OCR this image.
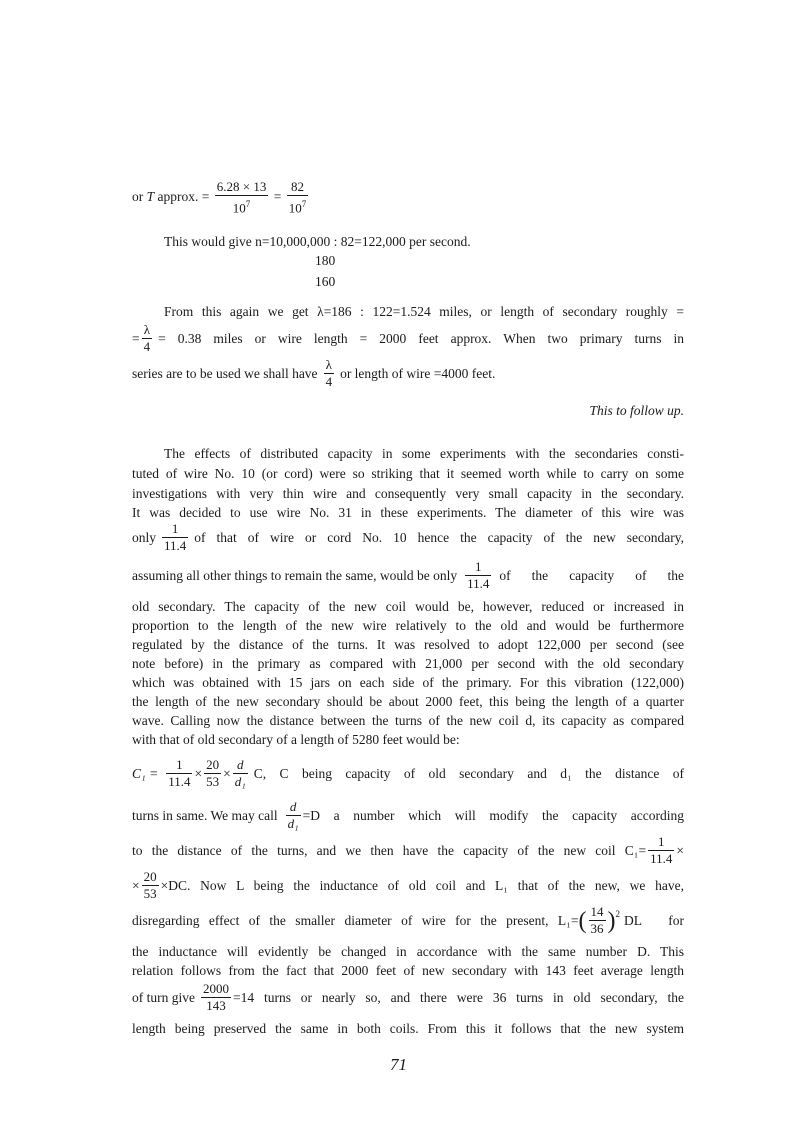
or T approx. = $\frac{6.28 \times 13}{10^7} = \frac{82}{10^7}$
This would give n=10,000,000 : 82=122,000 per second.
180
160
From this again we get λ=186 : 122=1.524 miles, or length of secondary roughly =
= $\frac{\lambda}{4} = 0.38$ miles or wire length = 2000 feet approx. When two primary turns in
series are to be used we shall have $\frac{\lambda}{4}$ or length of wire =4000 feet.
This to follow up.
The effects of distributed capacity in some experiments with the secondaries consti-
tuted of wire No. 10 (or cord) were so striking that it seemed worth while to carry on some
investigations with very thin wire and consequently very small capacity in the secondary.
It was decided to use wire No. 31 in these experiments. The diameter of this wire was
only $\frac{1}{11.4}$ of that of wire or cord No. 10 hence the capacity of the new secondary,
assuming all other things to remain the same, would be only $\frac{1}{11.4}$ of the capacity of the
old secondary. The capacity of the new coil would be, however, reduced or increased in
proportion to the length of the new wire relatively to the old and would be furthermore
regulated by the distance of the turns. It was resolved to adopt 122,000 per second (see
note before) in the primary as compared with 21,000 per second with the old secondary
which was obtained with 15 jars on each side of the primary. For this vibration (122,000)
the length of the new secondary should be about 2000 feet, this being the length of a quarter
wave. Calling now the distance between the turns of the new coil d, its capacity as compared
with that of old secondary of a length of 5280 feet would be:
$C_1 = \frac{1}{11.4} \times \frac{20}{53} \times \frac{d}{\text{d₁}} C$, C being capacity of old secondary and d₁ the distance of
turns in same. We may call $\frac{d}{\text{d₁}} =D$ a number which will modify the capacity according
to the distance of the turns, and we then have the capacity of the new coil $C_1= \frac{1}{11.4}$ ×
× $\frac{20}{53} \times DC$. Now L being the inductance of old coil and L₁ that of the new, we have,
disregarding effect of the smaller diameter of wire for the present, L₁= ( $\frac{14}{36} )^2$ DL for
the inductance will evidently be changed in accordance with the same number D. This
relation follows from the fact that 2000 feet of new secondary with 143 feet average length
of turn give $\frac{2000}{143} =14$ turns or nearly so, and there were 36 turns in old secondary, the
length being preserved the same in both coils. From this it follows that the new system
71
